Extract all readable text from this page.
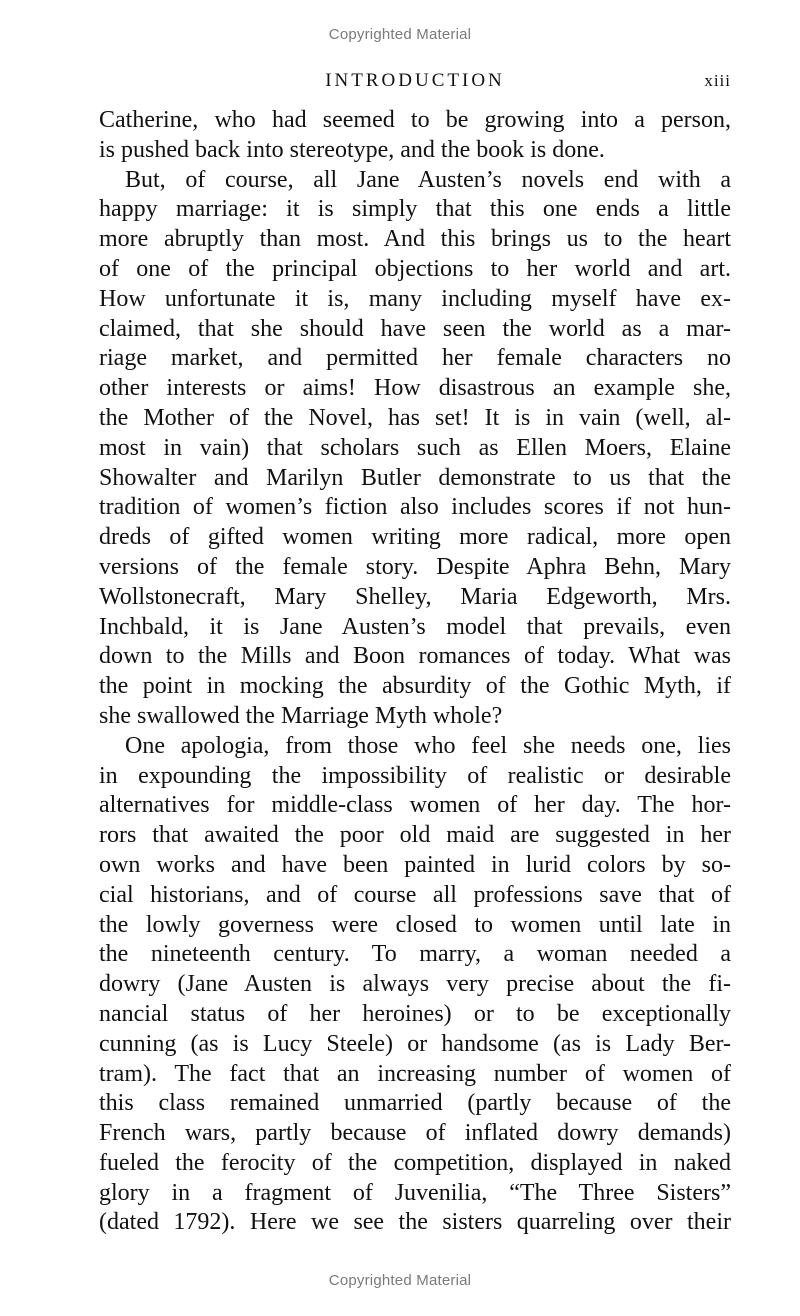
Copyrighted Material
INTRODUCTION	xiii
Catherine, who had seemed to be growing into a person,
is pushed back into stereotype, and the book is done.
But, of course, all Jane Austen’s novels end with a
happy marriage: it is simply that this one ends a little
more abruptly than most. And this brings us to the heart
of one of the principal objections to her world and art.
How unfortunate it is, many including myself have ex-
claimed, that she should have seen the world as a mar-
riage market, and permitted her female characters no
other interests or aims! How disastrous an example she,
the Mother of the Novel, has set! It is in vain (well, al-
most in vain) that scholars such as Ellen Moers, Elaine
Showalter and Marilyn Butler demonstrate to us that the
tradition of women’s fiction also includes scores if not hun-
dreds of gifted women writing more radical, more open
versions of the female story. Despite Aphra Behn, Mary
Wollstonecraft, Mary Shelley, Maria Edgeworth, Mrs.
Inchbald, it is Jane Austen’s model that prevails, even
down to the Mills and Boon romances of today. What was
the point in mocking the absurdity of the Gothic Myth, if
she swallowed the Marriage Myth whole?
One apologia, from those who feel she needs one, lies
in expounding the impossibility of realistic or desirable
alternatives for middle-class women of her day. The hor-
rors that awaited the poor old maid are suggested in her
own works and have been painted in lurid colors by so-
cial historians, and of course all professions save that of
the lowly governess were closed to women until late in
the nineteenth century. To marry, a woman needed a
dowry (Jane Austen is always very precise about the fi-
nancial status of her heroines) or to be exceptionally
cunning (as is Lucy Steele) or handsome (as is Lady Ber-
tram). The fact that an increasing number of women of
this class remained unmarried (partly because of the
French wars, partly because of inflated dowry demands)
fueled the ferocity of the competition, displayed in naked
glory in a fragment of Juvenilia, “The Three Sisters”
(dated 1792). Here we see the sisters quarreling over their
Copyrighted Material
